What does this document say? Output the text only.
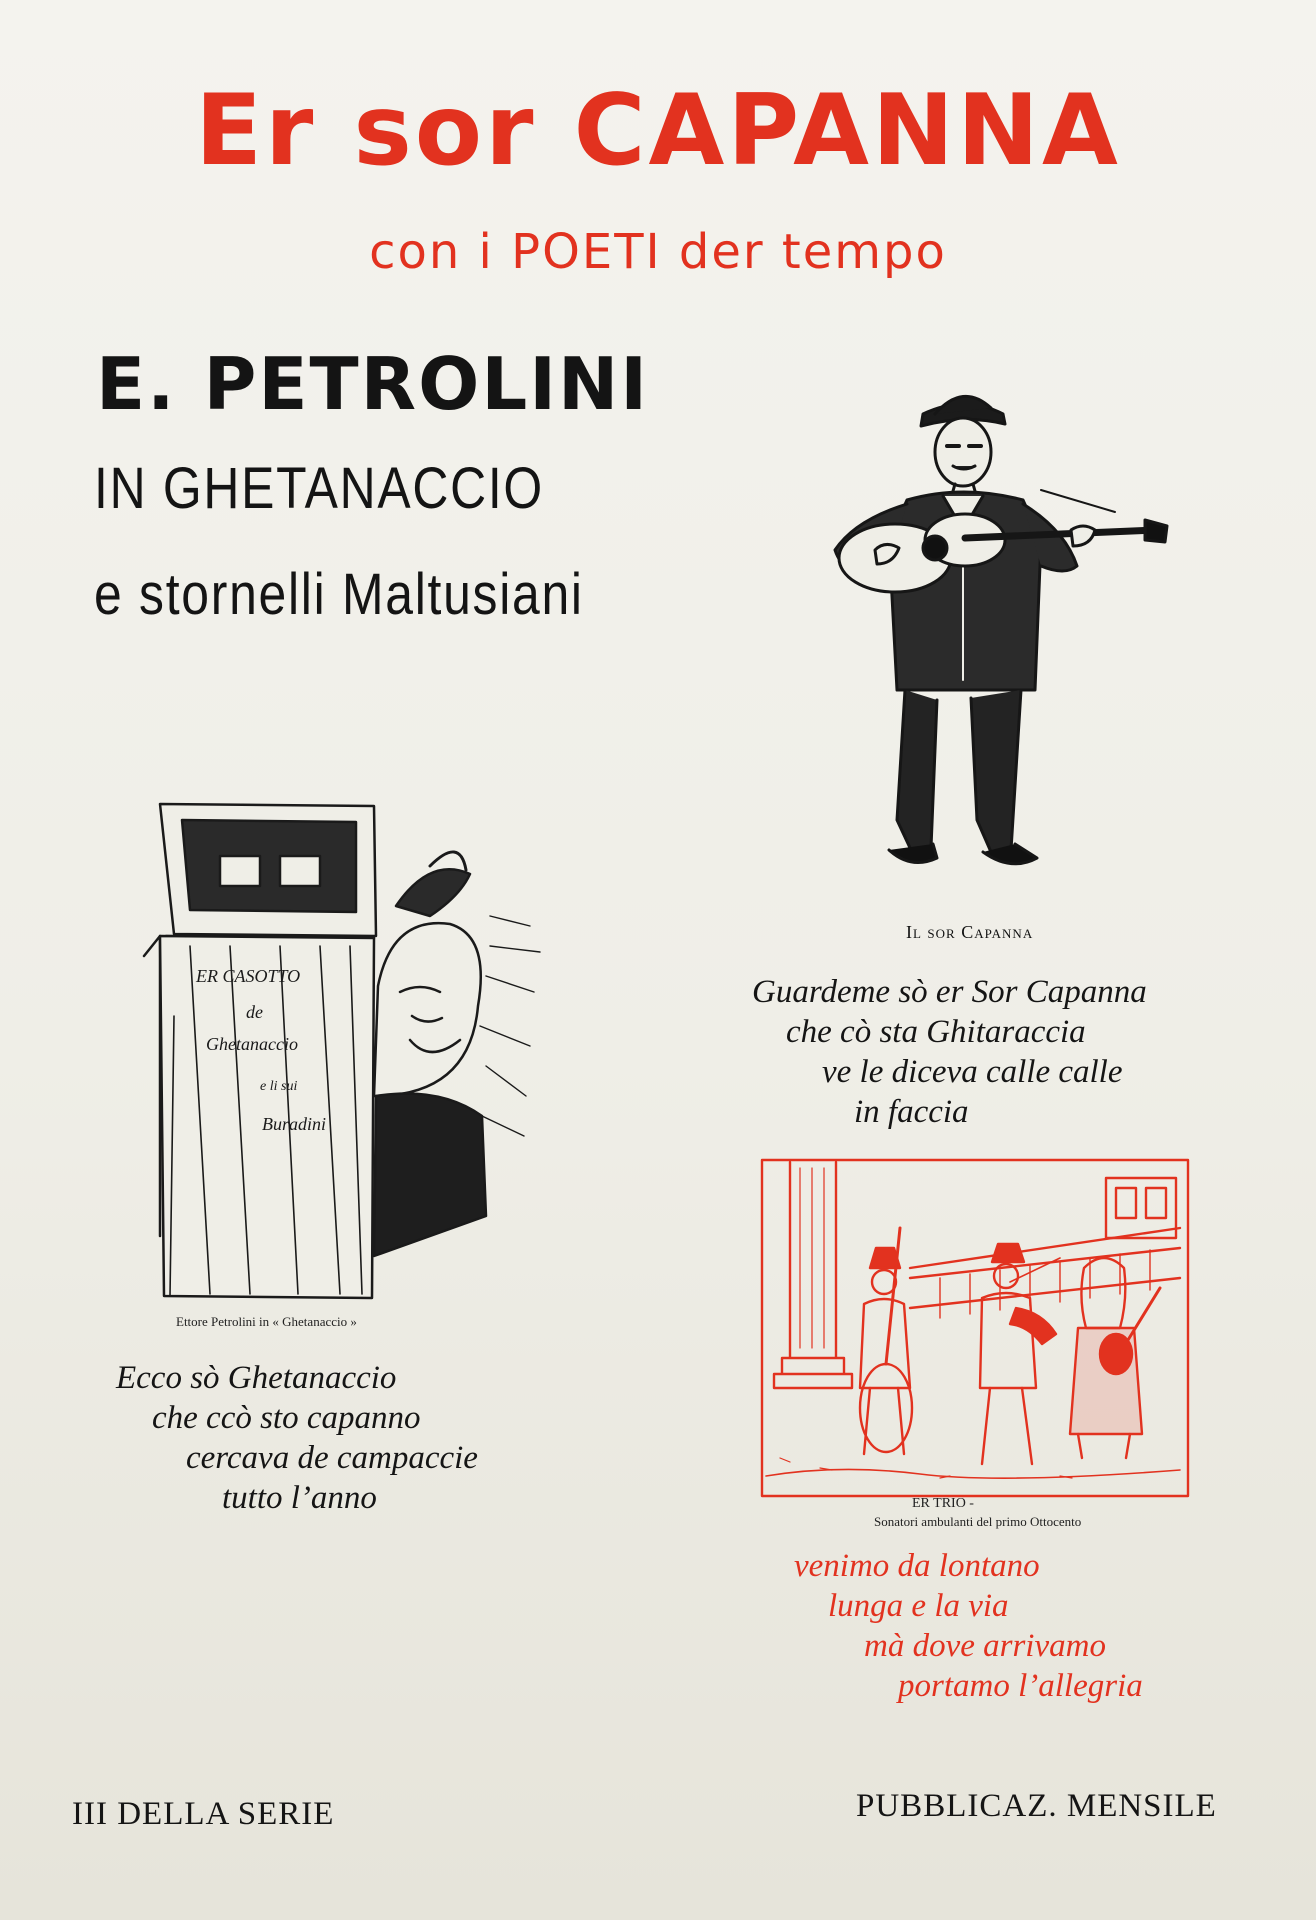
Er sor CAPANNA
con i POETI der tempo
E. PETROLINI
IN GHETANACCIO
e stornelli Maltusiani
Il sor Capanna
Guardeme sò er Sor Capanna
che cò sta Ghitaraccia
ve le diceva calle calle
in faccia
ER CASOTTO
de
Ghetanaccio
e li sui
Buradini
Ettore Petrolini in « Ghetanaccio »
Ecco sò Ghetanaccio
che ccò sto capanno
cercava de campaccie
tutto l’anno	ER TRIO -
Sonatori ambulanti del primo Ottocento
venimo da lontano
lunga e la via
mà dove arrivamo
portamo l’allegria
III DELLA SERIE	PUBBLICAZ. MENSILE
